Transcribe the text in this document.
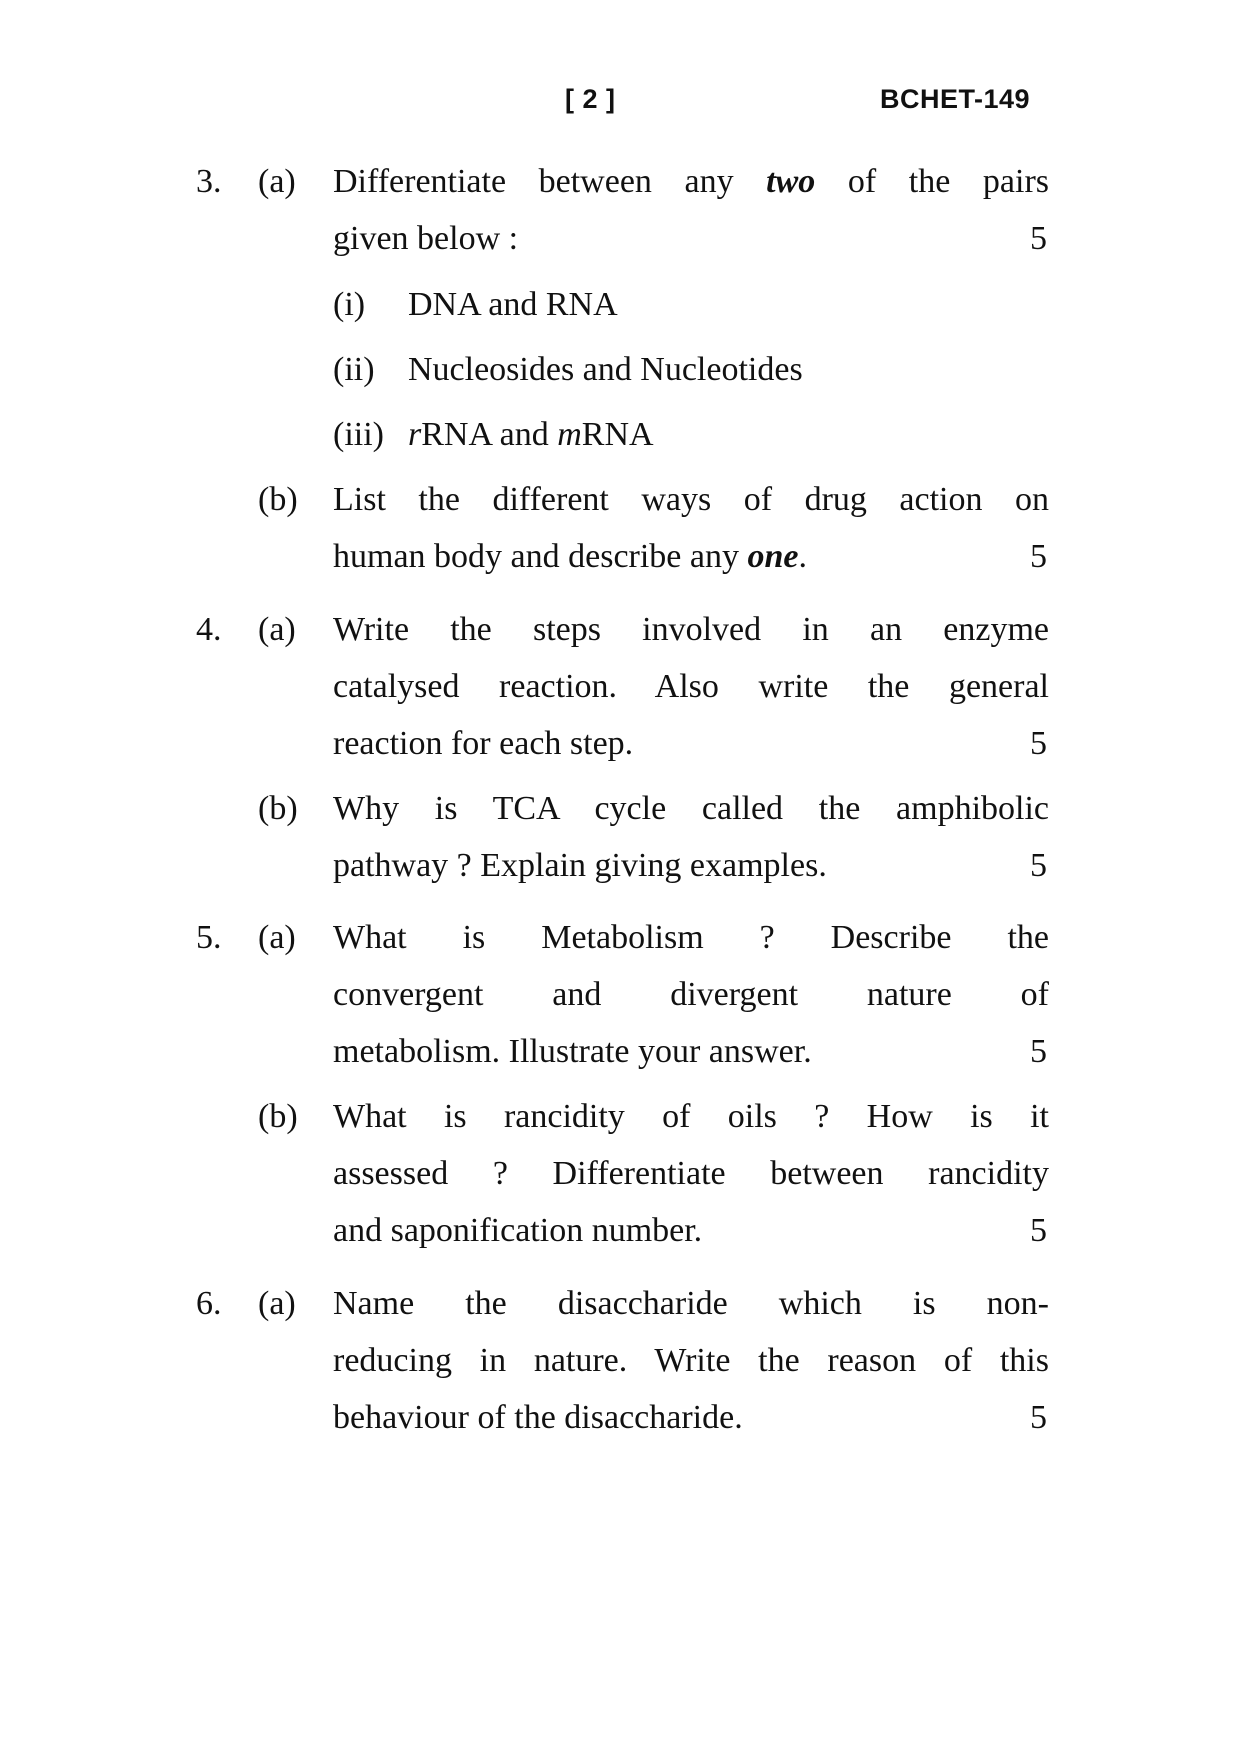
[ 2 ]	BCHET-149
3. (a) Differentiate between any two of the pairs
given below :	5
(i) DNA and RNA
(ii) Nucleosides and Nucleotides
(iii) rRNA and mRNA
(b) List the different ways of drug action on
human body and describe any one.	5
4. (a) Write the steps involved in an enzyme
catalysed reaction. Also write the general
reaction for each step.	5
(b) Why is TCA cycle called the amphibolic
pathway ? Explain giving examples.	5
5. (a) What is Metabolism ? Describe the
convergent and divergent nature of
metabolism. Illustrate your answer.	5
(b) What is rancidity of oils ? How is it
assessed ? Differentiate between rancidity
and saponification number.	5
6. (a) Name the disaccharide which is non-
reducing in nature. Write the reason of this
behaviour of the disaccharide.	5
